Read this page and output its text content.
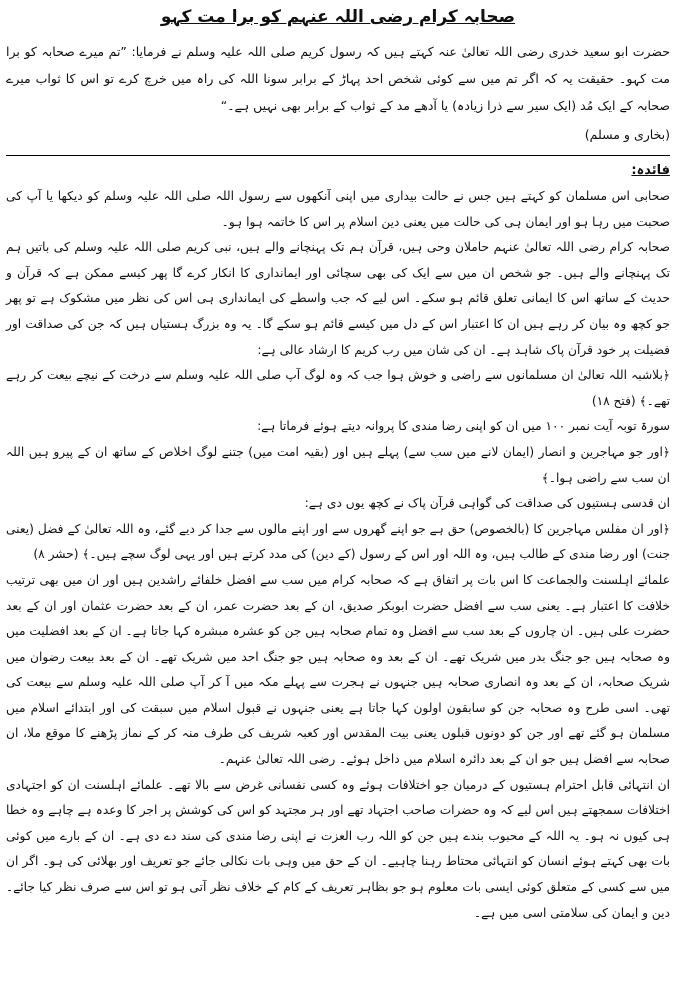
صحابہ کرام رضی اللہ عنہم کو برا مت کہو

حضرت ابو سعید خدری رضی اللہ تعالیٰ عنہ کہتے ہیں کہ رسول کریم صلی اللہ علیہ وسلم نے فرمایا: ”تم میرے صحابہ کو برا مت کہو۔ حقیقت یہ کہ اگر تم میں سے کوئی شخص احد پہاڑ کے برابر سونا اللہ کی راہ میں خرچ کرے تو اس کا ثواب میرے صحابہ کے ایک مُد (ایک سیر سے ذرا زیادہ) یا آدھے مد کے ثواب کے برابر بھی نہیں ہے۔“

(بخاری و مسلم)
فائدہ:

صحابی اس مسلمان کو کہتے ہیں جس نے حالت بیداری میں اپنی آنکھوں سے رسول اللہ صلی اللہ علیہ وسلم کو دیکھا یا آپ کی صحبت میں رہا ہو اور ایمان ہی کی حالت میں یعنی دین اسلام پر اس کا خاتمہ ہوا ہو۔

صحابہ کرام رضی اللہ تعالیٰ عنہم حاملان وحی ہیں، قرآن ہم تک پہنچانے والے ہیں، نبی کریم صلی اللہ علیہ وسلم کی باتیں ہم تک پہنچانے والے ہیں۔ جو شخص ان میں سے ایک کی بھی سچائی اور ایمانداری کا انکار کرے گا پھر کیسے ممکن ہے کہ قرآن و حدیث کے ساتھ اس کا ایمانی تعلق قائم ہو سکے۔ اس لیے کہ جب واسطے کی ایمانداری ہی اس کی نظر میں مشکوک ہے تو پھر جو کچھ وہ بیان کر رہے ہیں ان کا اعتبار اس کے دل میں کیسے قائم ہو سکے گا۔ یہ وہ بزرگ ہستیاں ہیں کہ جن کی صداقت اور فضیلت پر خود قرآن پاک شاہد ہے۔ ان کی شان میں رب کریم کا ارشاد عالی ہے:

﴿بلاشبہ اللہ تعالیٰ ان مسلمانوں سے راضی و خوش ہوا جب کہ وہ لوگ آپ صلی اللہ علیہ وسلم سے درخت کے نیچے بیعت کر رہے تھے۔﴾ (فتح ۱۸)

سورۃ توبہ آیت نمبر ۱۰۰ میں ان کو اپنی رضا مندی کا پروانہ دیتے ہوئے فرماتا ہے:

﴿اور جو مہاجرین و انصار (ایمان لانے میں سب سے) پہلے ہیں اور (بقیہ امت میں) جتنے لوگ اخلاص کے ساتھ ان کے پیرو ہیں اللہ ان سب سے راضی ہوا۔﴾

ان قدسی ہستیوں کی صداقت کی گواہی قرآن پاک نے کچھ یوں دی ہے:

﴿اور ان مفلس مہاجرین کا (بالخصوص) حق ہے جو اپنے گھروں سے اور اپنے مالوں سے جدا کر دیے گئے، وہ اللہ تعالیٰ کے فضل (یعنی جنت) اور رضا مندی کے طالب ہیں، وہ اللہ اور اس کے رسول (کے دین) کی مدد کرتے ہیں اور یہی لوگ سچے ہیں۔﴾ (حشر ۸)

علمائے اہلسنت والجماعت کا اس بات پر اتفاق ہے کہ صحابہ کرام میں سب سے افضل خلفائے راشدین ہیں اور ان میں بھی ترتیب خلافت کا اعتبار ہے۔ یعنی سب سے افضل حضرت ابوبکر صدیق، ان کے بعد حضرت عمر، ان کے بعد حضرت عثمان اور ان کے بعد حضرت علی ہیں۔ ان چاروں کے بعد سب سے افضل وہ تمام صحابہ ہیں جن کو عشرہ مبشرہ کہا جاتا ہے۔ ان کے بعد افضلیت میں وہ صحابہ ہیں جو جنگ بدر میں شریک تھے۔ ان کے بعد وہ صحابہ ہیں جو جنگ احد میں شریک تھے۔ ان کے بعد بیعت رضوان میں شریک صحابہ، ان کے بعد وہ انصاری صحابہ ہیں جنہوں نے ہجرت سے پہلے مکہ میں آ کر آپ صلی اللہ علیہ وسلم سے بیعت کی تھی۔ اسی طرح وہ صحابہ جن کو سابقون اولون کہا جاتا ہے یعنی جنہوں نے قبول اسلام میں سبقت کی اور ابتدائے اسلام میں مسلمان ہو گئے تھے اور جن کو دونوں قبلوں یعنی بیت المقدس اور کعبہ شریف کی طرف منہ کر کے نماز پڑھنے کا موقع ملا، ان صحابہ سے افضل ہیں جو ان کے بعد دائرہ اسلام میں داخل ہوئے۔ رضی اللہ تعالیٰ عنہم۔

ان انتہائی قابل احترام ہستیوں کے درمیان جو اختلافات ہوئے وہ کسی نفسانی غرض سے بالا تھے۔ علمائے اہلسنت ان کو اجتہادی اختلافات سمجھتے ہیں اس لیے کہ وہ حضرات صاحب اجتہاد تھے اور ہر مجتہد کو اس کی کوشش پر اجر کا وعدہ ہے چاہے وہ خطا ہی کیوں نہ ہو۔ یہ اللہ کے محبوب بندے ہیں جن کو اللہ رب العزت نے اپنی رضا مندی کی سند دے دی ہے۔ ان کے بارے میں کوئی بات بھی کہتے ہوئے انسان کو انتہائی محتاط رہنا چاہیے۔ ان کے حق میں وہی بات نکالی جائے جو تعریف اور بھلائی کی ہو۔ اگر ان میں سے کسی کے متعلق کوئی ایسی بات معلوم ہو جو بظاہر تعریف کے کام کے خلاف نظر آتی ہو تو اس سے صرف نظر کیا جائے۔ دین و ایمان کی سلامتی اسی میں ہے۔
